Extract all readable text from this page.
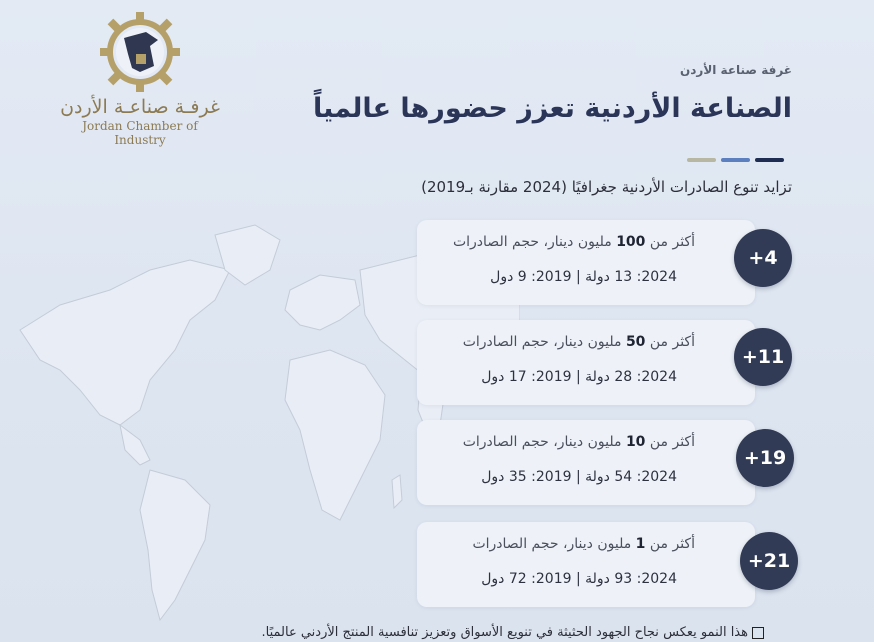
غرفـة صناعـة الأردن
Jordan Chamber of Industry
غرفة صناعة الأردن
الصناعة الأردنية تعزز حضورها عالمياً
تزايد تنوع الصادرات الأردنية جغرافيًا (2024 مقارنة بـ2019)
أكثر من 100 مليون دينار، حجم الصادرات
2024: 13 دولة | 2019: 9 دول
+4
أكثر من 50 مليون دينار، حجم الصادرات
2024: 28 دولة | 2019: 17 دول
+11
أكثر من 10 مليون دينار، حجم الصادرات
2024: 54 دولة | 2019: 35 دول
+19
أكثر من 1 مليون دينار، حجم الصادرات
2024: 93 دولة | 2019: 72 دول
+21
هذا النمو يعكس نجاح الجهود الحثيثة في تنويع الأسواق وتعزيز تنافسية المنتج الأردني عالميًا.
